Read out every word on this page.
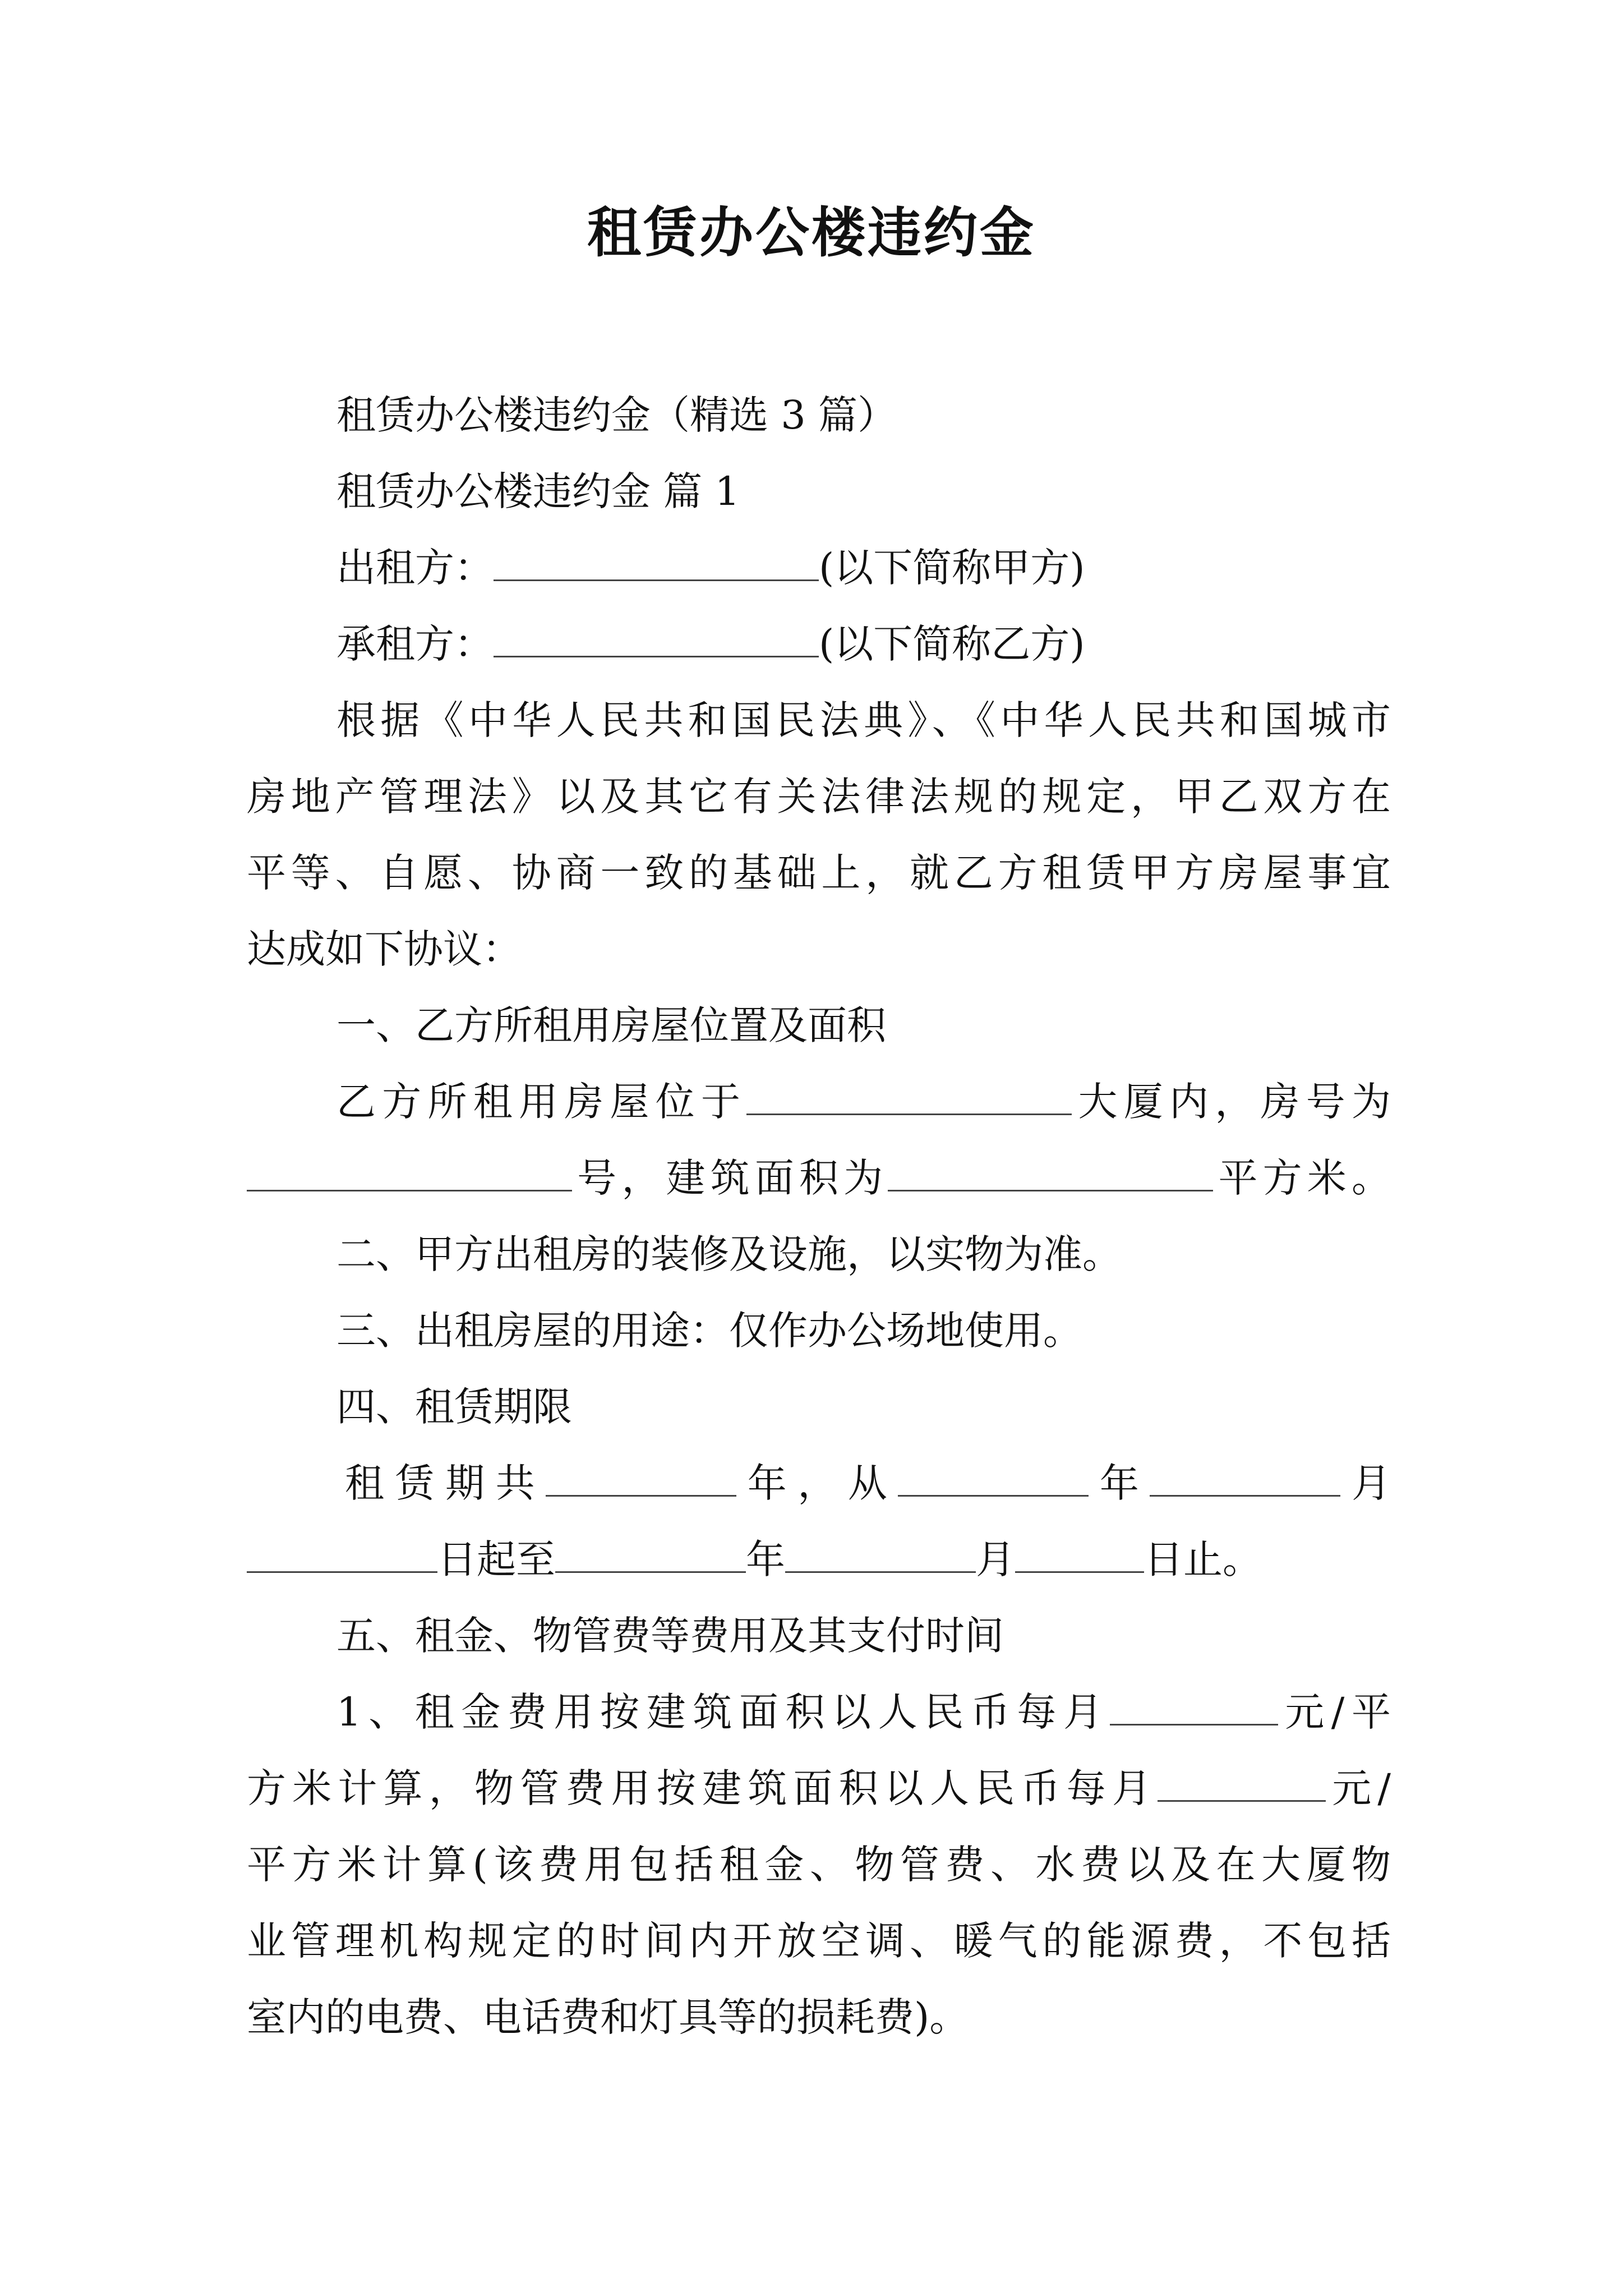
租赁办公楼违约金

租赁办公楼违约金（精选 3 篇）

租赁办公楼违约金 篇 1

出租方：	(以下简称甲方)

承租方：	(以下简称乙方)

根据《中华人民共和国民法典》、《中华人民共和国城市

房地产管理法》以及其它有关法律法规的规定，甲乙双方在

平等、自愿、协商一致的基础上，就乙方租赁甲方房屋事宜

达成如下协议：

一、乙方所租用房屋位置及面积

乙方所租用房屋位于	大厦内，房号为

号，建筑面积为	平方米。

二、甲方出租房的装修及设施，以实物为准。

三、出租房屋的用途：仅作办公场地使用。

四、租赁期限

租赁期共	年，从	年	月

日起至	年	月	日止。

五、租金、物管费等费用及其支付时间

1、租金费用按建筑面积以人民币每月	元/平

方米计算，物管费用按建筑面积以人民币每月	元/

平方米计算(该费用包括租金、物管费、水费以及在大厦物

业管理机构规定的时间内开放空调、暖气的能源费，不包括

室内的电费、电话费和灯具等的损耗费)。
